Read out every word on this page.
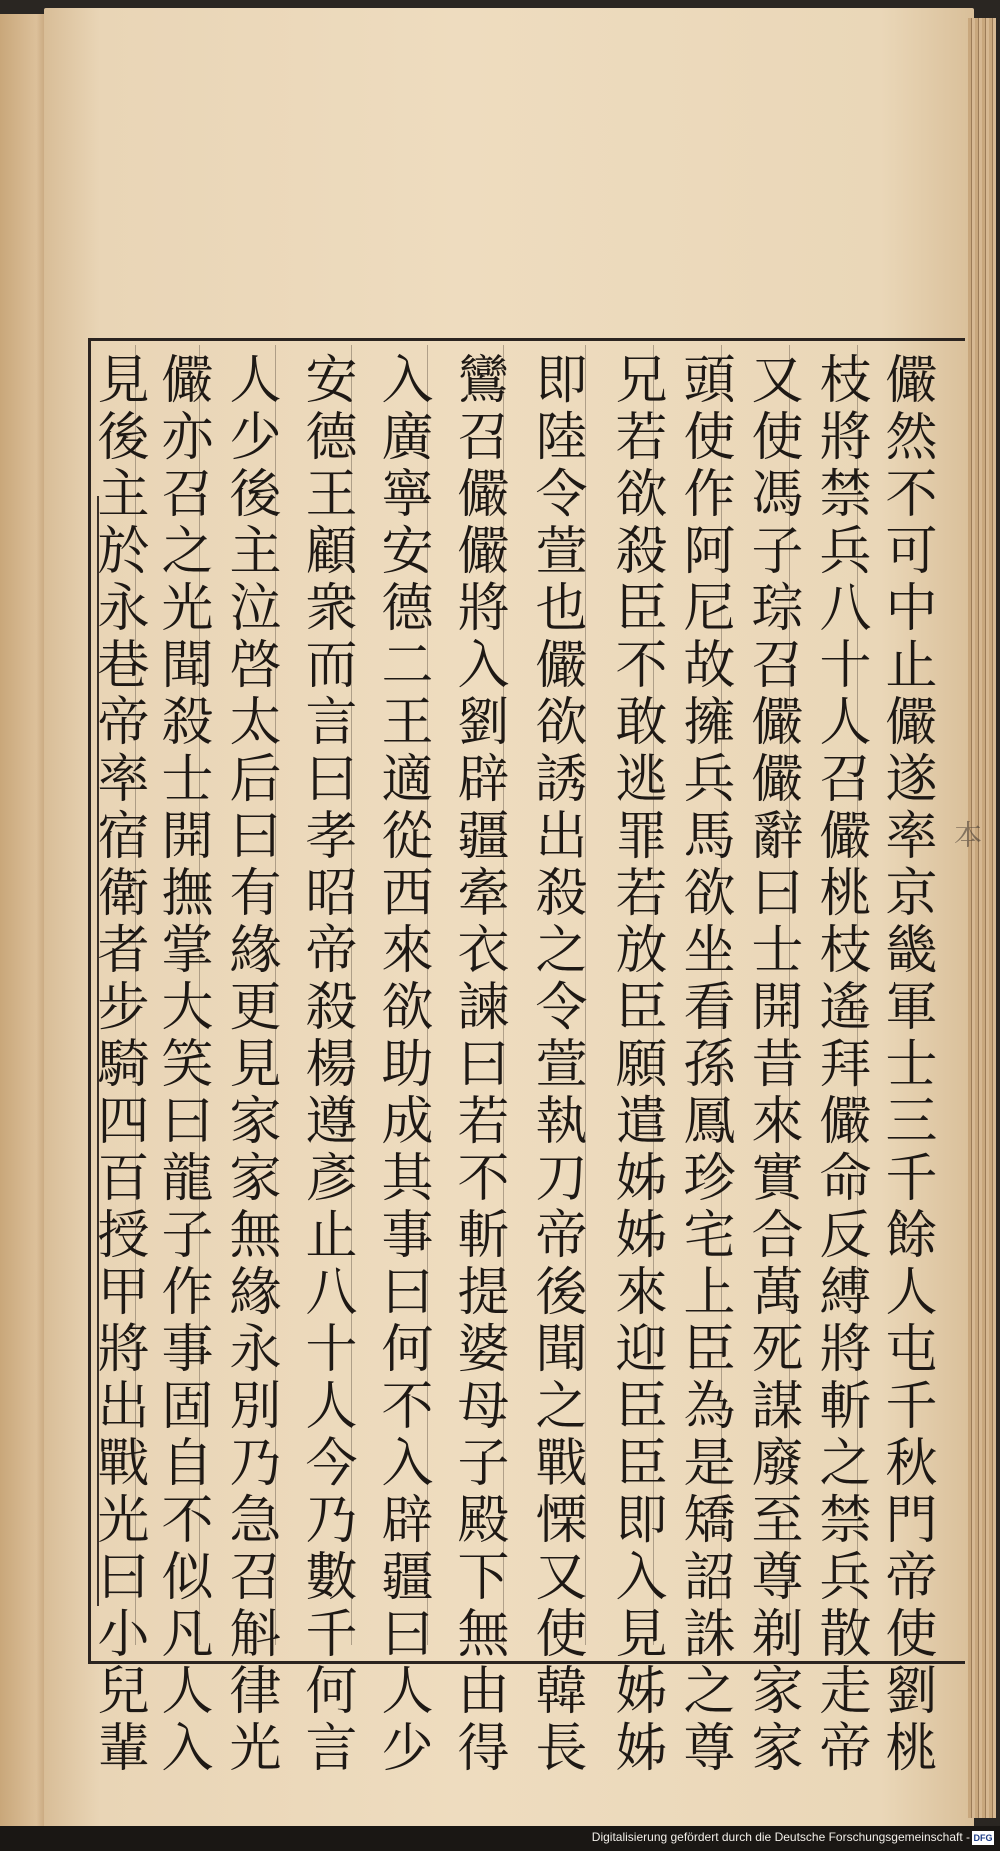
儼然不可中止儼遂率京畿軍士三千餘人屯千秋門帝使劉桃
枝將禁兵八十人召儼桃枝遙拜儼命反縛將斬之禁兵散走帝
又使馮子琮召儼儼辭曰士開昔來實合萬死謀廢至尊剃家家
頭使作阿尼故擁兵馬欲坐看孫鳳珍宅上臣為是矯詔誅之尊
兄若欲殺臣不敢逃罪若放臣願遣姊姊來迎臣臣即入見姊姊
即陸令萱也儼欲誘出殺之令萱執刀帝後聞之戰慄又使韓長
鸞召儼儼將入劉辟疆牽衣諫曰若不斬提婆母子殿下無由得
入廣寧安德二王適從西來欲助成其事曰何不入辟疆曰人少
安德王顧衆而言曰孝昭帝殺楊遵彥止八十人今乃數千何言
人少後主泣啓太后曰有緣更見家家無緣永別乃急召斛律光
儼亦召之光聞殺士開撫掌大笑曰龍子作事固自不似凡人入
見後主於永巷帝率宿衛者步騎四百授甲將出戰光曰小兒輩	本
Digitalisierung gefördert durch die Deutsche Forschungsgemeinschaft - DFG
